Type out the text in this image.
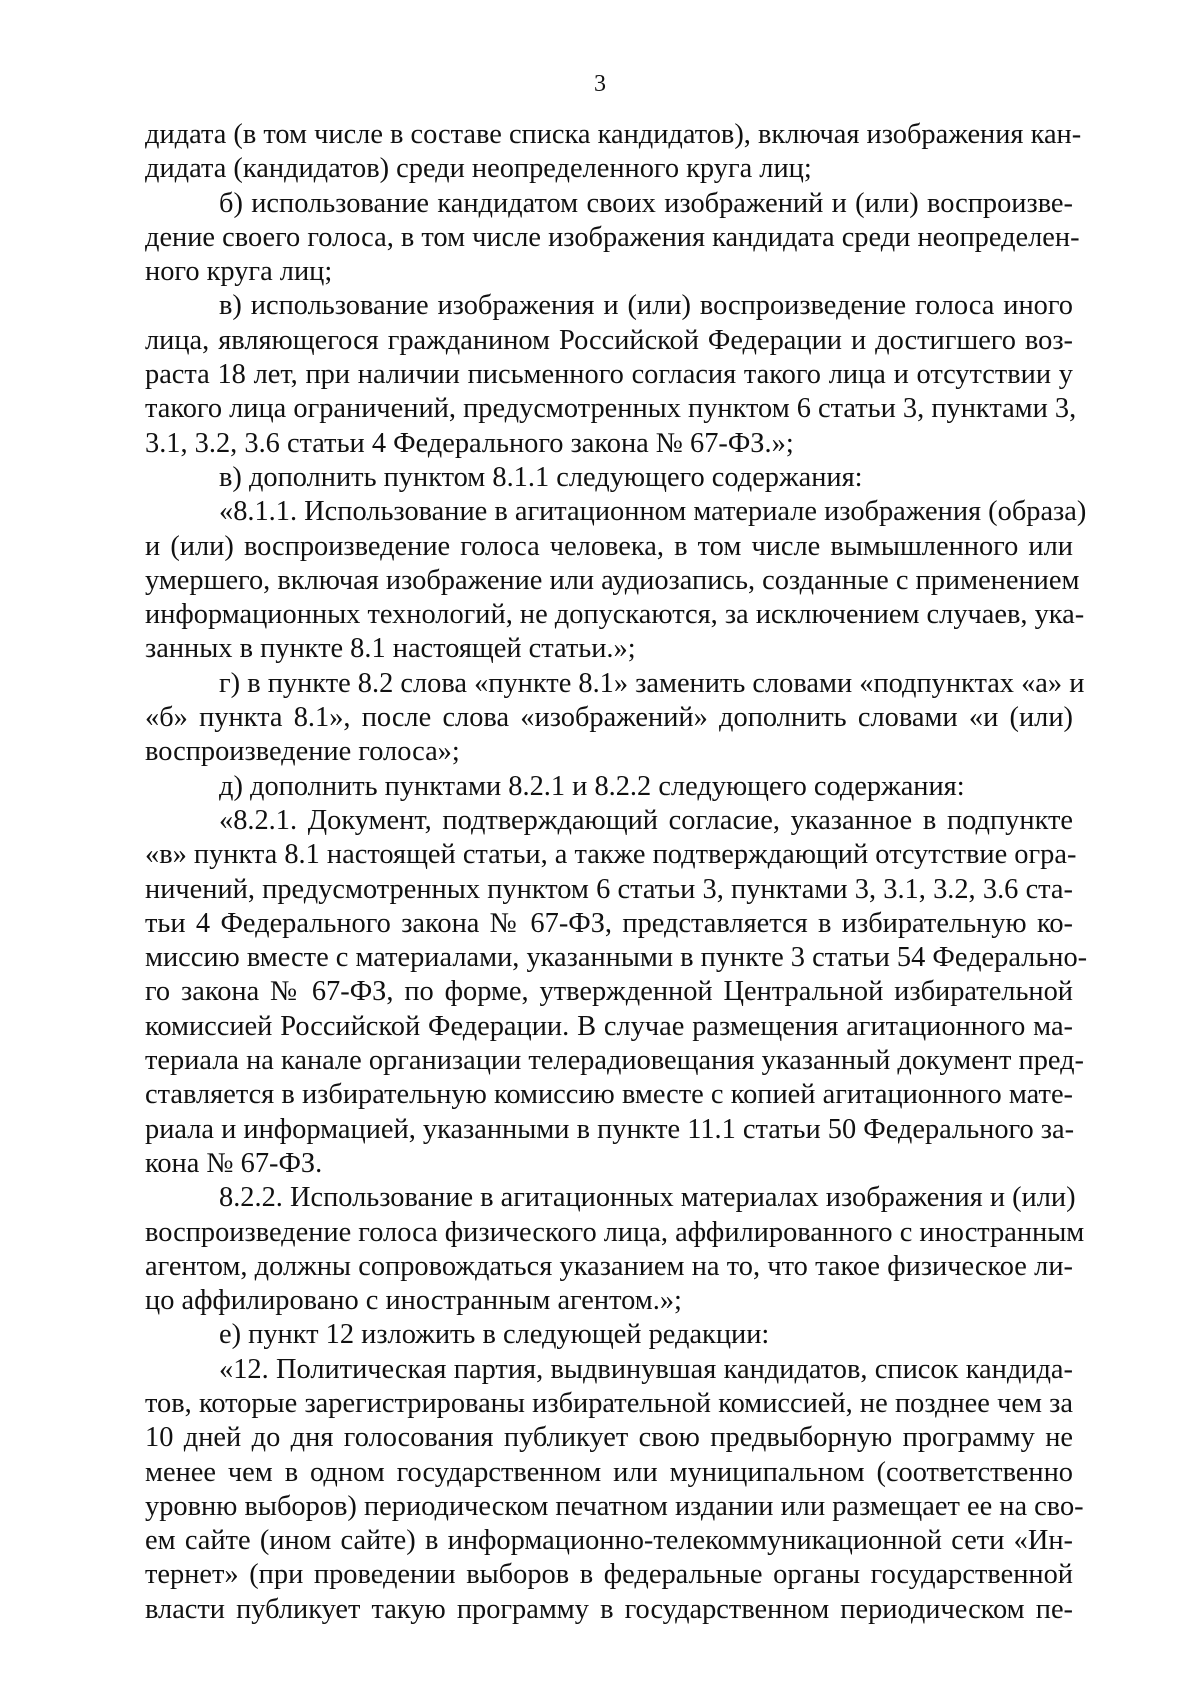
3
дидата (в том числе в составе списка кандидатов), включая изображения кан-
дидата (кандидатов) среди неопределенного круга лиц;
б) использование кандидатом своих изображений и (или) воспроизве-
дение своего голоса, в том числе изображения кандидата среди неопределен-
ного круга лиц;
в) использование изображения и (или) воспроизведение голоса иного
лица, являющегося гражданином Российской Федерации и достигшего воз-
раста 18 лет, при наличии письменного согласия такого лица и отсутствии у
такого лица ограничений, предусмотренных пунктом 6 статьи 3, пунктами 3,
3.1, 3.2, 3.6 статьи 4 Федерального закона № 67-ФЗ.»;
в) дополнить пунктом 8.1.1 следующего содержания:
«8.1.1. Использование в агитационном материале изображения (образа)
и (или) воспроизведение голоса человека, в том числе вымышленного или
умершего, включая изображение или аудиозапись, созданные с применением
информационных технологий, не допускаются, за исключением случаев, ука-
занных в пункте 8.1 настоящей статьи.»;
г) в пункте 8.2 слова «пункте 8.1» заменить словами «подпунктах «а» и
«б» пункта 8.1», после слова «изображений» дополнить словами «и (или)
воспроизведение голоса»;
д) дополнить пунктами 8.2.1 и 8.2.2 следующего содержания:
«8.2.1. Документ, подтверждающий согласие, указанное в подпункте
«в» пункта 8.1 настоящей статьи, а также подтверждающий отсутствие огра-
ничений, предусмотренных пунктом 6 статьи 3, пунктами 3, 3.1, 3.2, 3.6 ста-
тьи 4 Федерального закона № 67-ФЗ, представляется в избирательную ко-
миссию вместе с материалами, указанными в пункте 3 статьи 54 Федерально-
го закона № 67-ФЗ, по форме, утвержденной Центральной избирательной
комиссией Российской Федерации. В случае размещения агитационного ма-
териала на канале организации телерадиовещания указанный документ пред-
ставляется в избирательную комиссию вместе с копией агитационного мате-
риала и информацией, указанными в пункте 11.1 статьи 50 Федерального за-
кона № 67-ФЗ.
8.2.2. Использование в агитационных материалах изображения и (или)
воспроизведение голоса физического лица, аффилированного с иностранным
агентом, должны сопровождаться указанием на то, что такое физическое ли-
цо аффилировано с иностранным агентом.»;
е) пункт 12 изложить в следующей редакции:
«12. Политическая партия, выдвинувшая кандидатов, список кандида-
тов, которые зарегистрированы избирательной комиссией, не позднее чем за
10 дней до дня голосования публикует свою предвыборную программу не
менее чем в одном государственном или муниципальном (соответственно
уровню выборов) периодическом печатном издании или размещает ее на сво-
ем сайте (ином сайте) в информационно-телекоммуникационной сети «Ин-
тернет» (при проведении выборов в федеральные органы государственной
власти публикует такую программу в государственном периодическом пе-
